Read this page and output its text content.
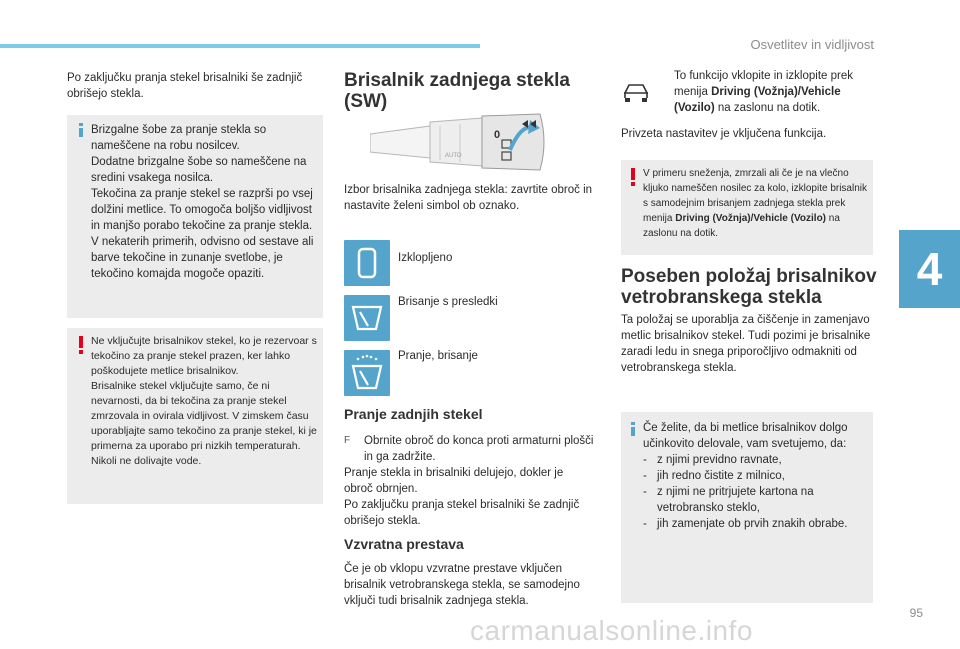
Osvetlitev in vidljivost
4
Po zaključku pranja stekel brisalniki še zadnjič obrišejo stekla.

Brizgalne šobe za pranje stekla so nameščene na robu nosilcev.

Dodatne brizgalne šobe so nameščene na sredini vsakega nosilca.

Tekočina za pranje stekel se razprši po vsej dolžini metlice. To omogoča boljšo vidljivost in manjšo porabo tekočine za pranje stekla.

V nekaterih primerih, odvisno od sestave ali barve tekočine in zunanje svetlobe, je tekočino komajda mogoče opaziti.

Ne vključujte brisalnikov stekel, ko je rezervoar s tekočino za pranje stekel prazen, ker lahko poškodujete metlice brisalnikov.

Brisalnike stekel vključujte samo, če ni nevarnosti, da bi tekočina za pranje stekel zmrzovala in ovirala vidljivost. V zimskem času uporabljajte samo tekočino za pranje stekel, ki je primerna za uporabo pri nizkih temperaturah.

Nikoli ne dolivajte vode.

Brisalnik zadnjega stekla (SW)
AUTO
0
Izbor brisalnika zadnjega stekla: zavrtite obroč in nastavite želeni simbol ob oznako.
Izklopljeno
Brisanje s presledki
Pranje, brisanje
Pranje zadnjih stekel
F	Obrnite obroč do konca proti armaturni plošči in ga zadržite.
Pranje stekla in brisalniki delujejo, dokler je obroč obrnjen.
Po zaključku pranja stekel brisalniki še zadnjič obrišejo stekla.
Vzvratna prestava
Če je ob vklopu vzvratne prestave vključen brisalnik vetrobranskega stekla, se samodejno vključi tudi brisalnik zadnjega stekla.
To funkcijo vklopite in izklopite prek menija Driving (Vožnja)/Vehicle (Vozilo) na zaslonu na dotik.
Privzeta nastavitev je vključena funkcija.
V primeru sneženja, zmrzali ali če je na vlečno kljuko nameščen nosilec za kolo, izklopite brisalnik s samodejnim brisanjem zadnjega stekla prek menija Driving (Vožnja)/Vehicle (Vozilo) na zaslonu na dotik.
Poseben položaj brisalnikov vetrobranskega stekla
Ta položaj se uporablja za čiščenje in zamenjavo metlic brisalnikov stekel. Tudi pozimi je brisalnike zaradi ledu in snega priporočljivo odmakniti od vetrobranskega stekla.

Če želite, da bi metlice brisalnikov dolgo učinkovito delovale, vam svetujemo, da:

- z njimi previdno ravnate,
- jih redno čistite z milnico,
- z njimi ne pritrjujete kartona na vetrobransko steklo,
- jih zamenjate ob prvih znakih obrabe.
95
carmanualsonline.info
